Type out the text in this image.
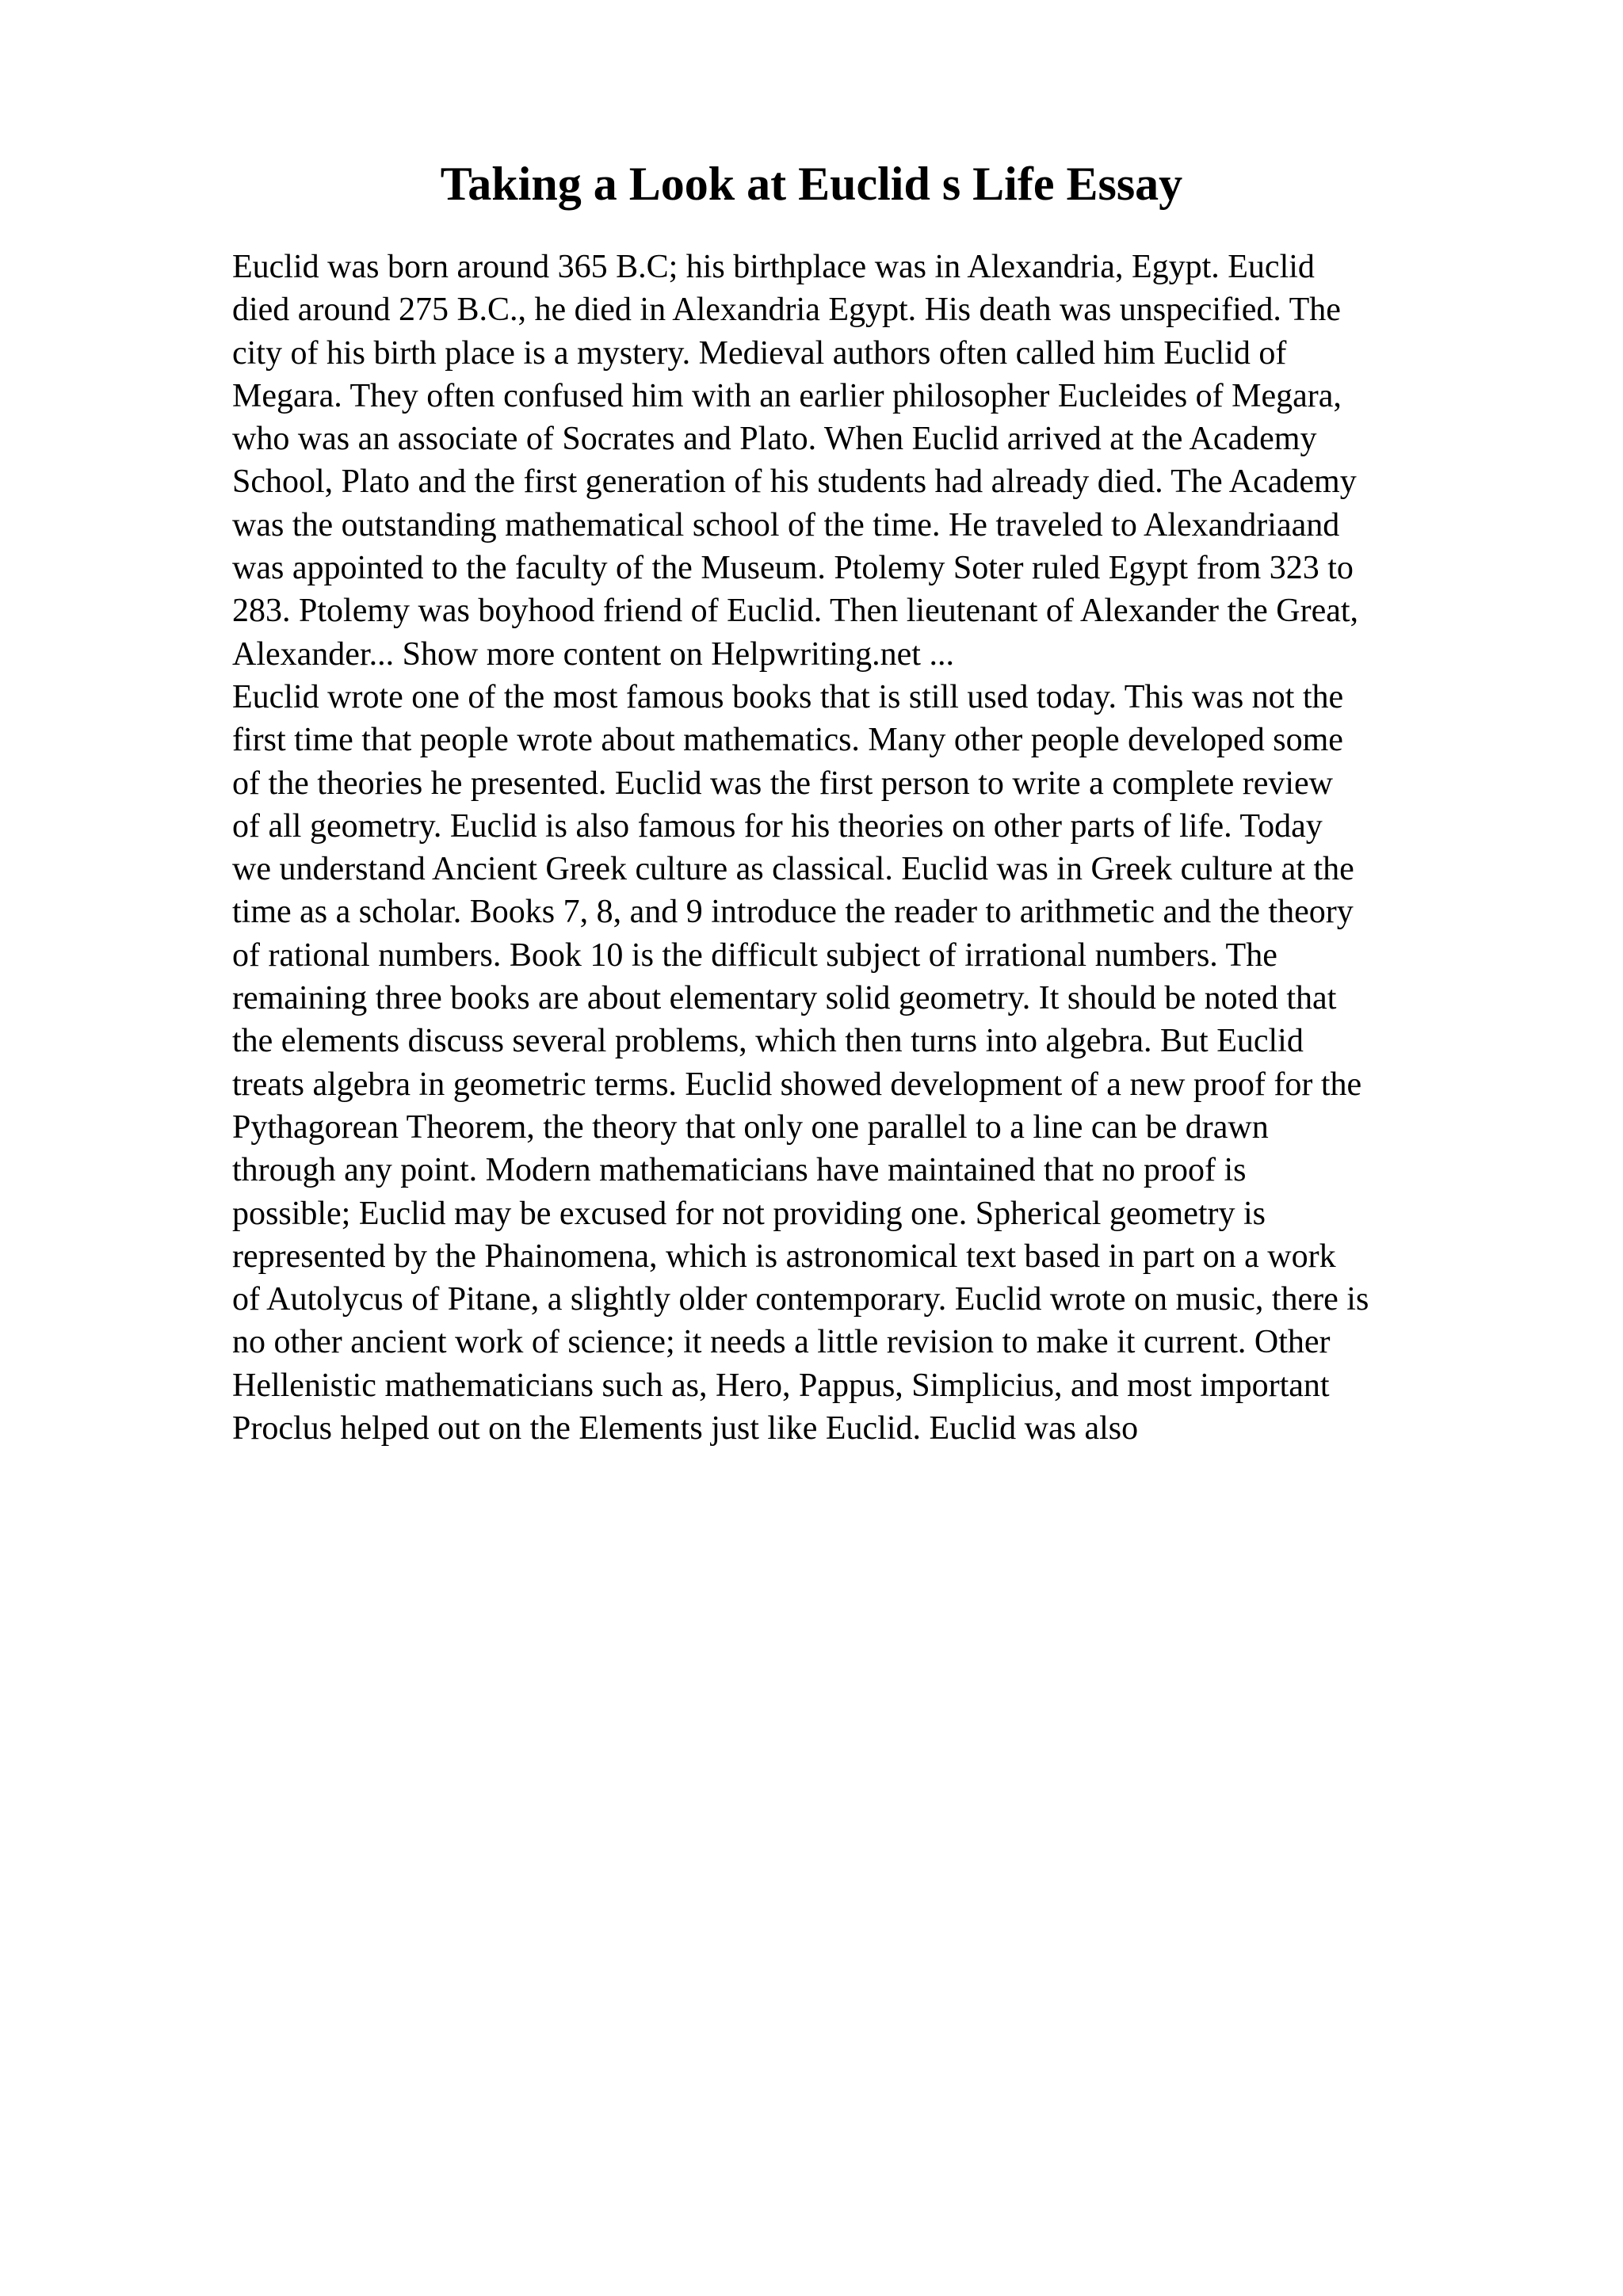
Taking a Look at Euclid s Life Essay

Euclid was born around 365 B.C; his birthplace was in Alexandria, Egypt. Euclid
died around 275 B.C., he died in Alexandria Egypt. His death was unspecified. The
city of his birth place is a mystery. Medieval authors often called him Euclid of
Megara. They often confused him with an earlier philosopher Eucleides of Megara,
who was an associate of Socrates and Plato. When Euclid arrived at the Academy
School, Plato and the first generation of his students had already died. The Academy
was the outstanding mathematical school of the time. He traveled to Alexandriaand
was appointed to the faculty of the Museum. Ptolemy Soter ruled Egypt from 323 to
283. Ptolemy was boyhood friend of Euclid. Then lieutenant of Alexander the Great,
Alexander... Show more content on Helpwriting.net ...

Euclid wrote one of the most famous books that is still used today. This was not the
first time that people wrote about mathematics. Many other people developed some
of the theories he presented. Euclid was the first person to write a complete review
of all geometry. Euclid is also famous for his theories on other parts of life. Today
we understand Ancient Greek culture as classical. Euclid was in Greek culture at the
time as a scholar. Books 7, 8, and 9 introduce the reader to arithmetic and the theory
of rational numbers. Book 10 is the difficult subject of irrational numbers. The
remaining three books are about elementary solid geometry. It should be noted that
the elements discuss several problems, which then turns into algebra. But Euclid
treats algebra in geometric terms. Euclid showed development of a new proof for the
Pythagorean Theorem, the theory that only one parallel to a line can be drawn
through any point. Modern mathematicians have maintained that no proof is
possible; Euclid may be excused for not providing one. Spherical geometry is
represented by the Phainomena, which is astronomical text based in part on a work
of Autolycus of Pitane, a slightly older contemporary. Euclid wrote on music, there is
no other ancient work of science; it needs a little revision to make it current. Other
Hellenistic mathematicians such as, Hero, Pappus, Simplicius, and most important
Proclus helped out on the Elements just like Euclid. Euclid was also
